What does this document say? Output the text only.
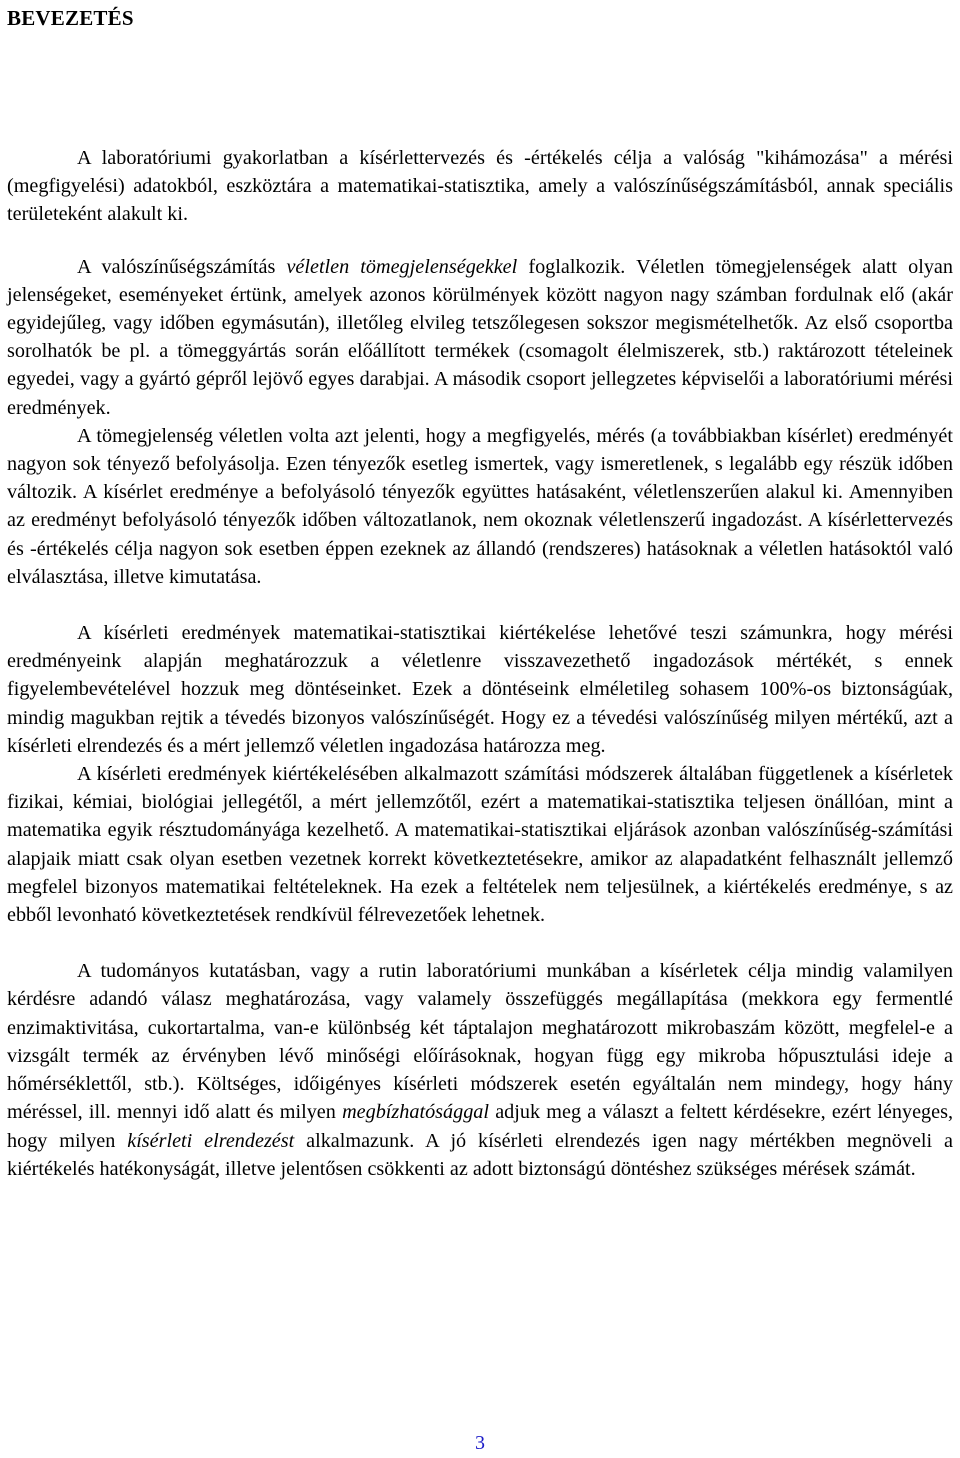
BEVEZETÉS

A laboratóriumi gyakorlatban a kísérlettervezés és -értékelés célja a valóság "kihámozása" a mérési (megfigyelési) adatokból, eszköztára a matematikai-statisztika, amely a valószínűségszámításból, annak speciális területeként alakult ki.

A valószínűségszámítás véletlen tömegjelenségekkel foglalkozik. Véletlen tömegjelenségek alatt olyan jelenségeket, eseményeket értünk, amelyek azonos körülmények között nagyon nagy számban fordulnak elő (akár egyidejűleg, vagy időben egymásután), illetőleg elvileg tetszőlegesen sokszor megismételhetők. Az első csoportba sorolhatók be pl. a tömeggyártás során előállított termékek (csomagolt élelmiszerek, stb.) raktározott tételeinek egyedei, vagy a gyártó gépről lejövő egyes darabjai. A második csoport jellegzetes képviselői a laboratóriumi mérési eredmények.

A tömegjelenség véletlen volta azt jelenti, hogy a megfigyelés, mérés (a továbbiakban kísérlet) eredményét nagyon sok tényező befolyásolja. Ezen tényezők esetleg ismertek, vagy ismeretlenek, s legalább egy részük időben változik. A kísérlet eredménye a befolyásoló tényezők együttes hatásaként, véletlenszerűen alakul ki. Amennyiben az eredményt befolyásoló tényezők időben változatlanok, nem okoznak véletlenszerű ingadozást. A kísérlettervezés és -értékelés célja nagyon sok esetben éppen ezeknek az állandó (rendszeres) hatásoknak a véletlen hatásoktól való elválasztása, illetve kimutatása.

A kísérleti eredmények matematikai-statisztikai kiértékelése lehetővé teszi számunkra, hogy mérési eredményeink alapján meghatározzuk a véletlenre visszavezethető ingadozások mértékét, s ennek figyelembevételével hozzuk meg döntéseinket. Ezek a döntéseink elméletileg sohasem 100%-os biztonságúak, mindig magukban rejtik a tévedés bizonyos valószínűségét. Hogy ez a tévedési valószínűség milyen mértékű, azt a kísérleti elrendezés és a mért jellemző véletlen ingadozása határozza meg.

A kísérleti eredmények kiértékelésében alkalmazott számítási módszerek általában függetlenek a kísérletek fizikai, kémiai, biológiai jellegétől, a mért jellemzőtől, ezért a matematikai-statisztika teljesen önállóan, mint a matematika egyik résztudományága kezelhető. A matematikai-statisztikai eljárások azonban valószínűség-számítási alapjaik miatt csak olyan esetben vezetnek korrekt következtetésekre, amikor az alapadatként felhasznált jellemző megfelel bizonyos matematikai feltételeknek. Ha ezek a feltételek nem teljesülnek, a kiértékelés eredménye, s az ebből levonható következtetések rendkívül félrevezetőek lehetnek.

A tudományos kutatásban, vagy a rutin laboratóriumi munkában a kísérletek célja mindig valamilyen kérdésre adandó válasz meghatározása, vagy valamely összefüggés megállapítása (mekkora egy fermentlé enzimaktivitása, cukortartalma, van-e különbség két táptalajon meghatározott mikrobaszám között, megfelel-e a vizsgált termék az érvényben lévő minőségi előírásoknak, hogyan függ egy mikroba hőpusztulási ideje a hőmérséklettől, stb.). Költséges, időigényes kísérleti módszerek esetén egyáltalán nem mindegy, hogy hány méréssel, ill. mennyi idő alatt és milyen megbízhatósággal adjuk meg a választ a feltett kérdésekre, ezért lényeges, hogy milyen kísérleti elrendezést alkalmazunk. A jó kísérleti elrendezés igen nagy mértékben megnöveli a kiértékelés hatékonyságát, illetve jelentősen csökkenti az adott biztonságú döntéshez szükséges mérések számát.

3
